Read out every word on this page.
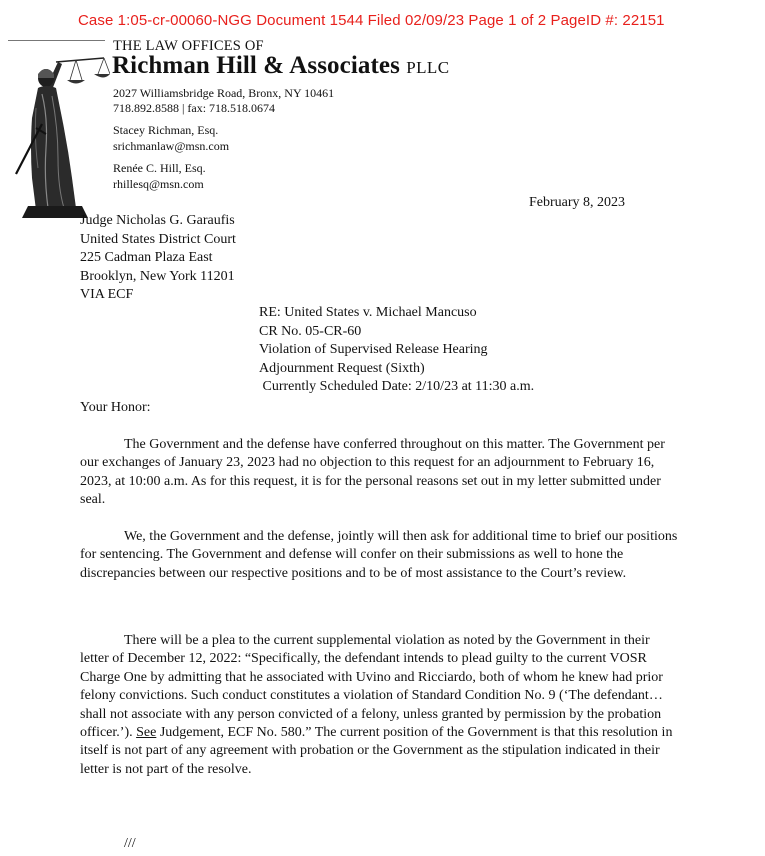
Case 1:05-cr-00060-NGG Document 1544 Filed 02/09/23 Page 1 of 2 PageID #: 22151
THE LAW OFFICES OF
Richman Hill & Associates PLLC
2027 Williamsbridge Road, Bronx, NY 10461
718.892.8588 | fax: 718.518.0674
Stacey Richman, Esq.
srichmanlaw@msn.com
Renée C. Hill, Esq.
rhillesq@msn.com
February 8, 2023
Judge Nicholas G. Garaufis
United States District Court
225 Cadman Plaza East
Brooklyn, New York 11201
VIA ECF
RE: United States v. Michael Mancuso
CR No. 05-CR-60
Violation of Supervised Release Hearing
Adjournment Request (Sixth)
Currently Scheduled Date: 2/10/23 at 11:30 a.m.
Your Honor:

The Government and the defense have conferred throughout on this matter. The Government per our exchanges of January 23, 2023 had no objection to this request for an adjournment to February 16, 2023, at 10:00 a.m. As for this request, it is for the personal reasons set out in my letter submitted under seal.

We, the Government and the defense, jointly will then ask for additional time to brief our positions for sentencing. The Government and defense will confer on their submissions as well to hone the discrepancies between our respective positions and to be of most assistance to the Court’s review.

There will be a plea to the current supplemental violation as noted by the Government in their letter of December 12, 2022: “Specifically, the defendant intends to plead guilty to the current VOSR Charge One by admitting that he associated with Uvino and Ricciardo, both of whom he knew had prior felony convictions. Such conduct constitutes a violation of Standard Condition No. 9 (‘The defendant…shall not associate with any person convicted of a felony, unless granted by permission by the probation officer.’). See Judgement, ECF No. 580.” The current position of the Government is that this resolution in itself is not part of any agreement with probation or the Government as the stipulation indicated in their letter is not part of the resolve.

///
